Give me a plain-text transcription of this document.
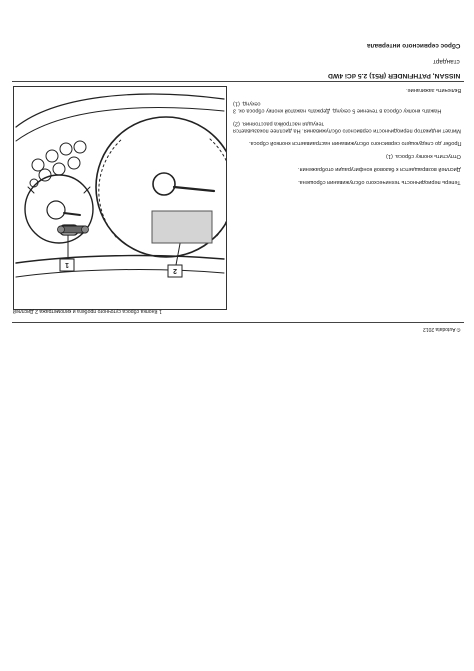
Сброс сервисного интервала
стандарт
NISSAN, PATHFINDER (R51) 2.5 dCi 4WD
1
2
1 Кнопка сброса суточного пробега и километража 2 Дисплей
Включить зажигание.
Нажать кнопку сброса в течение 5 секунд. Держать нажатой кнопку сброса ок. 3 секунд. (1)
Мигает индикатор периодичности сервисного обслуживания. На дисплее показывается текущая настройка расстояния. (2)
Пробег до следующего сервисного обслуживания настраивается кнопкой сброса.
Отпустить кнопку сброса. (1)
Дисплей возвращается к базовой конфигурации отображения.
Теперь периодичность технического обслуживания сброшена.
© Autodata 2012
